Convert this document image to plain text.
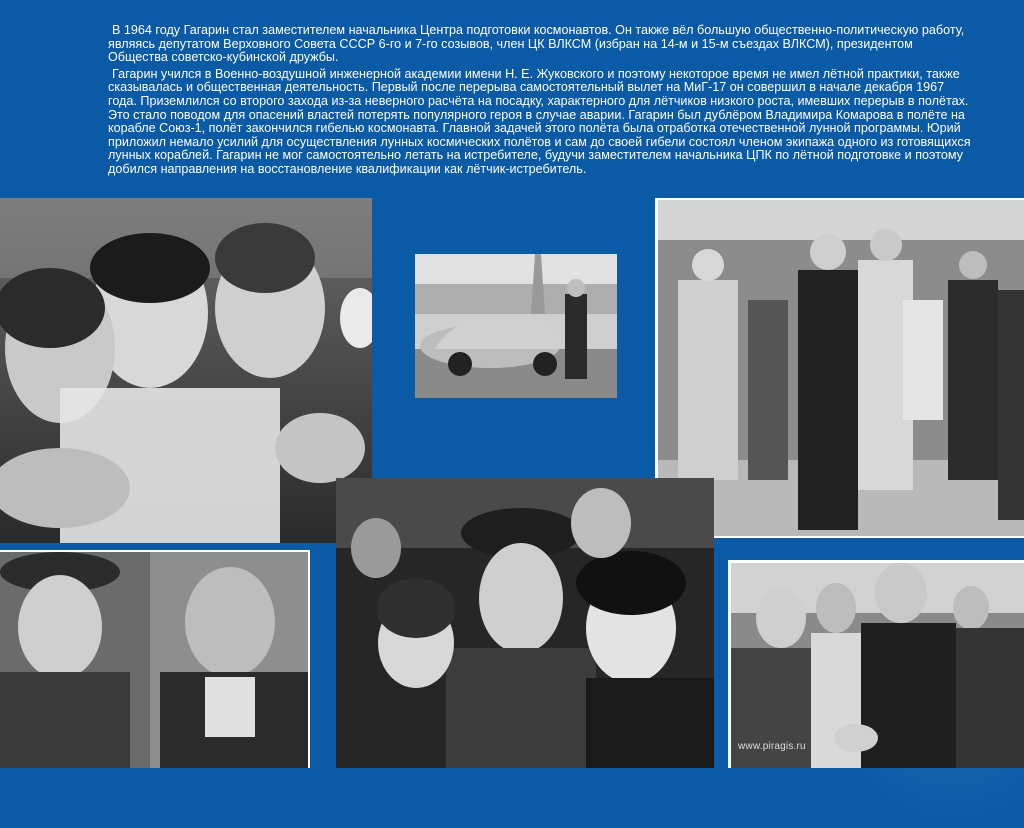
В 1964 году Гагарин стал заместителем начальника Центра подготовки космонавтов. Он также вёл большую общественно-политическую работу, являясь депутатом Верховного Совета СССР 6-го и 7-го созывов, член ЦК ВЛКСМ (избран на 14-м и 15-м съездах ВЛКСМ), президентом Общества советско-кубинской дружбы.

Гагарин учился в Военно-воздушной инженерной академии имени Н. Е. Жуковского и поэтому некоторое время не имел лётной практики, также сказывалась и общественная деятельность. Первый после перерыва самостоятельный вылет на МиГ-17 он совершил в начале декабря 1967 года. Приземлился со второго захода из-за неверного расчёта на посадку, характерного для лётчиков низкого роста, имевших перерыв в полётах. Это стало поводом для опасений властей потерять популярного героя в случае аварии. Гагарин был дублёром Владимира Комарова в полёте на корабле Союз-1, полёт закончился гибелью космонавта. Главной задачей этого полёта была отработка отечественной лунной программы. Юрий приложил немало усилий для осуществления лунных космических полётов и сам до своей гибели состоял членом экипажа одного из готовящихся лунных кораблей. Гагарин не мог самостоятельно летать на истребителе, будучи заместителем начальника ЦПК по лётной подготовке и поэтому добился направления на восстановление квалификации как лётчик-истребитель.

www.piragis.ru
